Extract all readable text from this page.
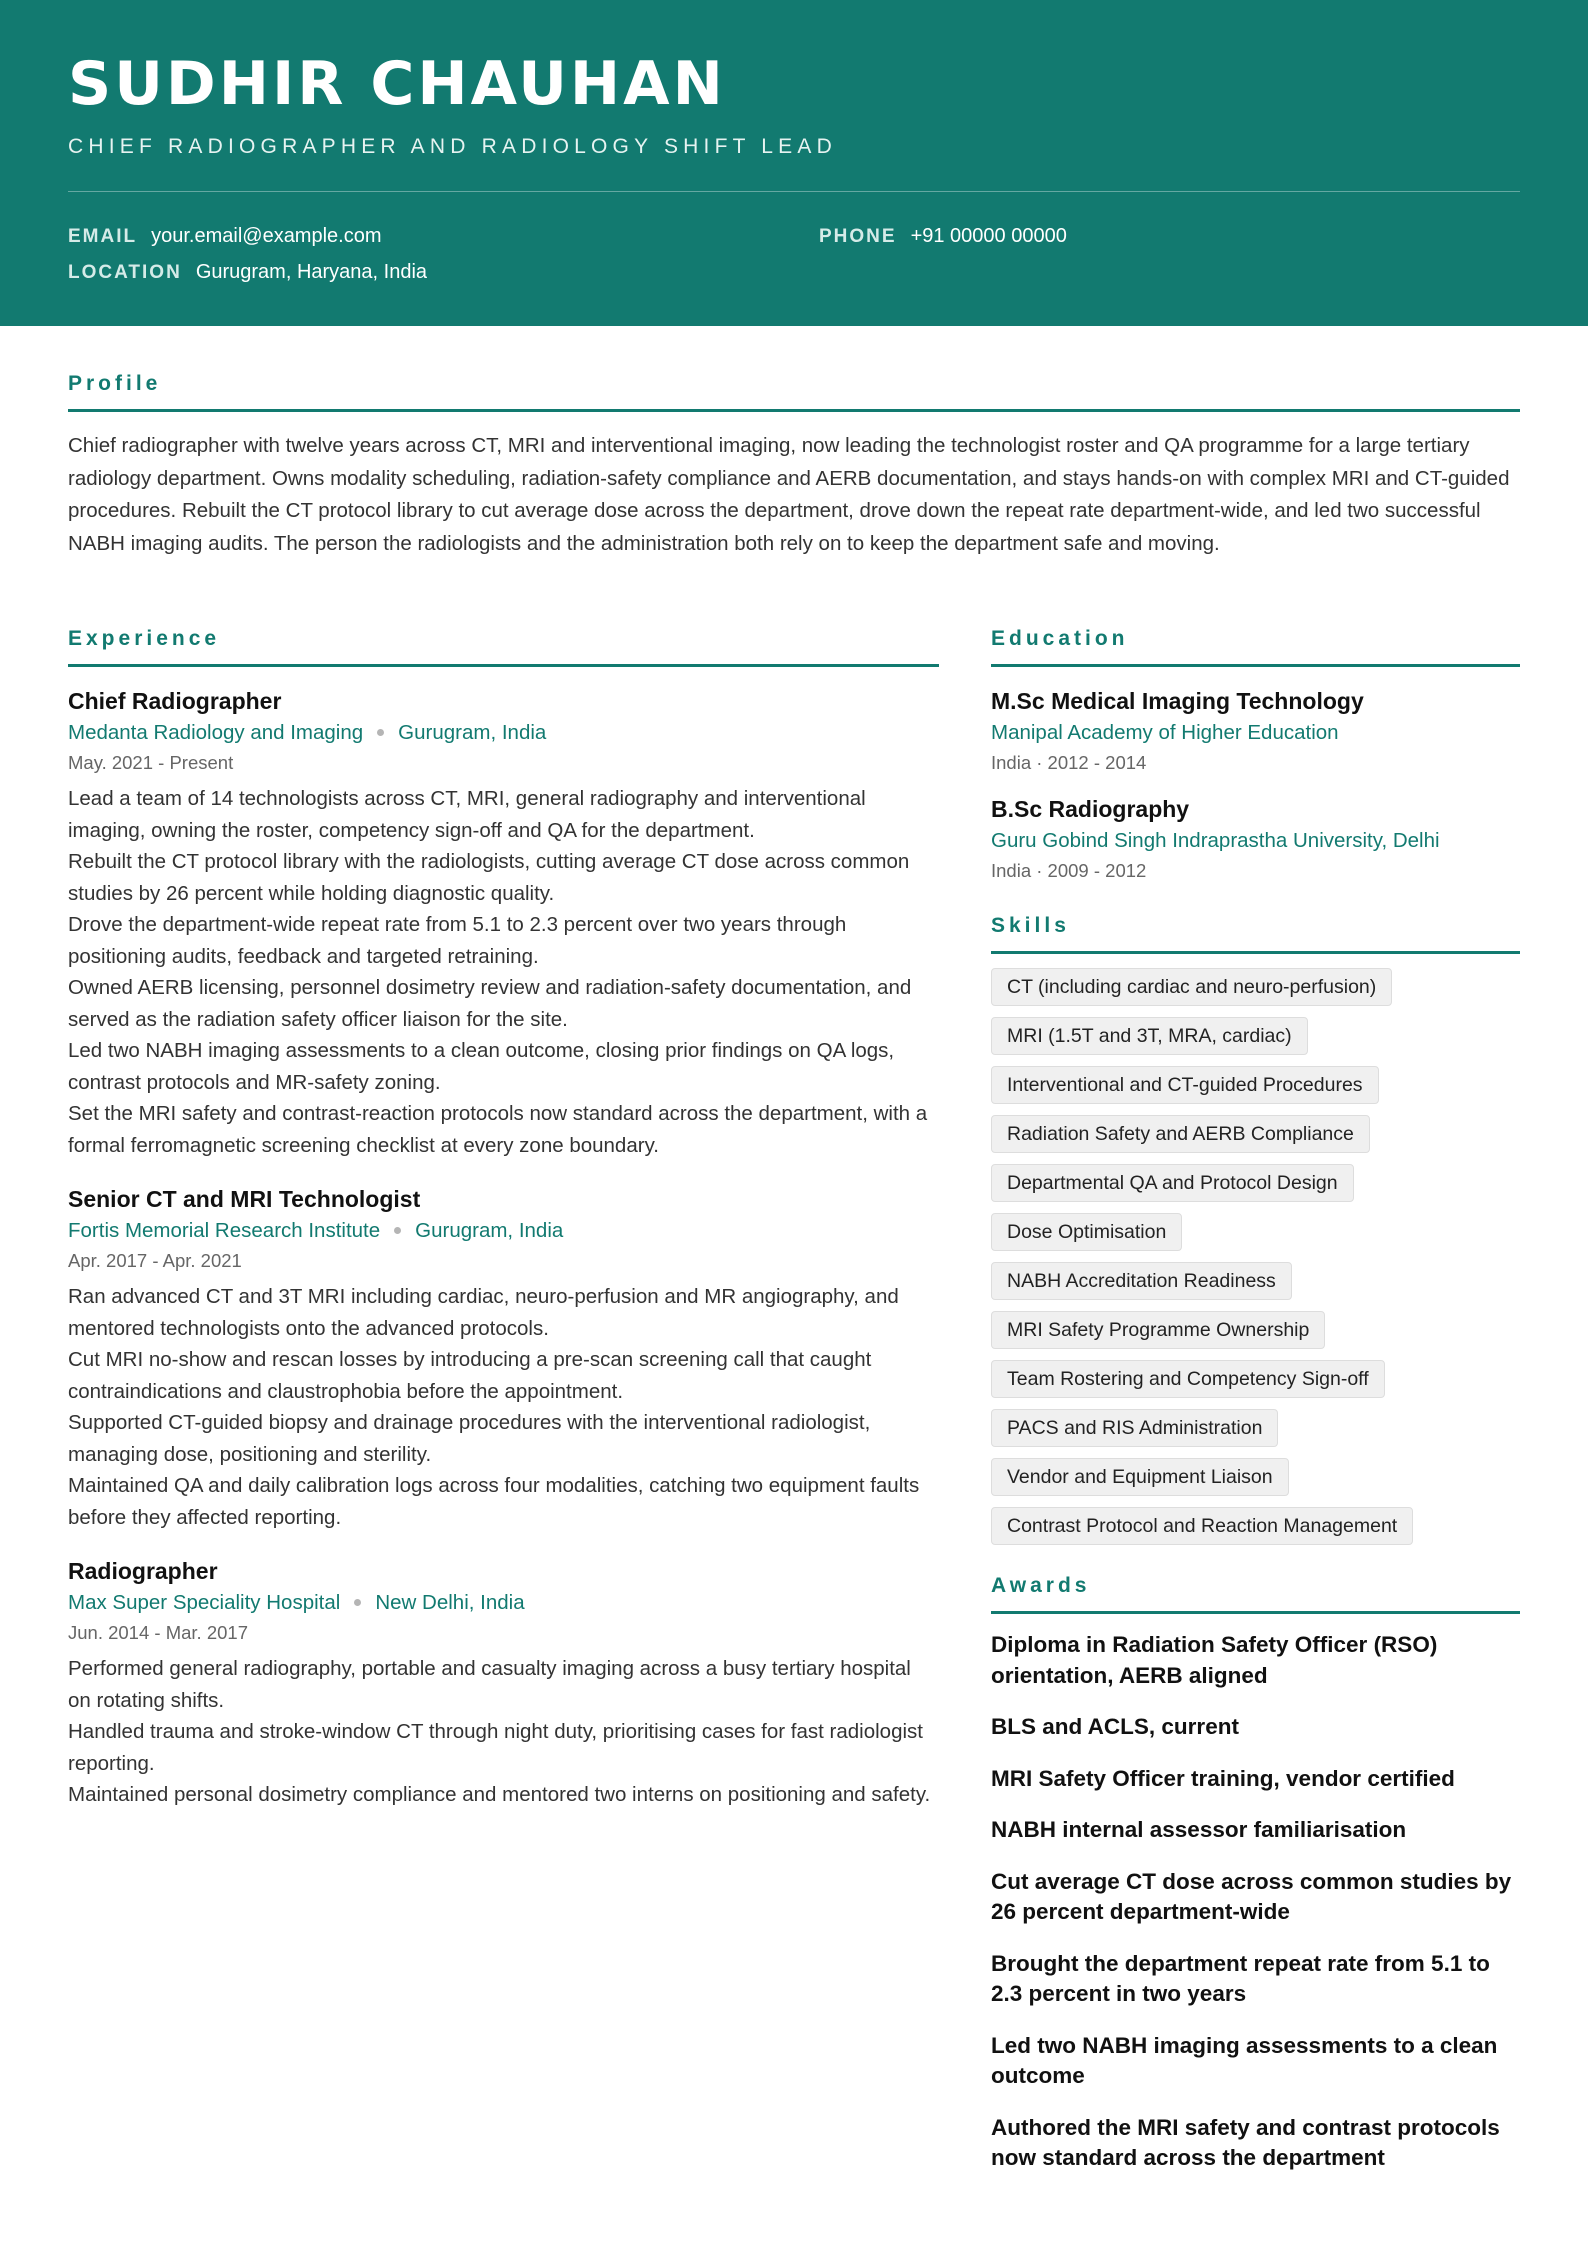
SUDHIR CHAUHAN
CHIEF RADIOGRAPHER AND RADIOLOGY SHIFT LEAD
EMAIL your.email@example.com	PHONE +91 00000 00000
LOCATION Gurugram, Haryana, India
Profile
Chief radiographer with twelve years across CT, MRI and interventional imaging, now leading the technologist roster and QA programme for a large tertiary radiology department. Owns modality scheduling, radiation-safety compliance and AERB documentation, and stays hands-on with complex MRI and CT-guided procedures. Rebuilt the CT protocol library to cut average dose across the department, drove down the repeat rate department-wide, and led two successful NABH imaging audits. The person the radiologists and the administration both rely on to keep the department safe and moving.
Experience
Chief Radiographer
Medanta Radiology and Imaging Gurugram, India
May. 2021 - Present
Lead a team of 14 technologists across CT, MRI, general radiography and interventional imaging, owning the roster, competency sign-off and QA for the department.
Rebuilt the CT protocol library with the radiologists, cutting average CT dose across common studies by 26 percent while holding diagnostic quality.
Drove the department-wide repeat rate from 5.1 to 2.3 percent over two years through positioning audits, feedback and targeted retraining.
Owned AERB licensing, personnel dosimetry review and radiation-safety documentation, and served as the radiation safety officer liaison for the site.
Led two NABH imaging assessments to a clean outcome, closing prior findings on QA logs, contrast protocols and MR-safety zoning.
Set the MRI safety and contrast-reaction protocols now standard across the department, with a formal ferromagnetic screening checklist at every zone boundary.
Senior CT and MRI Technologist
Fortis Memorial Research Institute Gurugram, India
Apr. 2017 - Apr. 2021
Ran advanced CT and 3T MRI including cardiac, neuro-perfusion and MR angiography, and mentored technologists onto the advanced protocols.
Cut MRI no-show and rescan losses by introducing a pre-scan screening call that caught contraindications and claustrophobia before the appointment.
Supported CT-guided biopsy and drainage procedures with the interventional radiologist, managing dose, positioning and sterility.
Maintained QA and daily calibration logs across four modalities, catching two equipment faults before they affected reporting.
Radiographer
Max Super Speciality Hospital New Delhi, India
Jun. 2014 - Mar. 2017
Performed general radiography, portable and casualty imaging across a busy tertiary hospital on rotating shifts.
Handled trauma and stroke-window CT through night duty, prioritising cases for fast radiologist reporting.
Maintained personal dosimetry compliance and mentored two interns on positioning and safety.
Education
M.Sc Medical Imaging Technology
Manipal Academy of Higher Education
India · 2012 - 2014
B.Sc Radiography
Guru Gobind Singh Indraprastha University, Delhi
India · 2009 - 2012
Skills
CT (including cardiac and neuro-perfusion)
MRI (1.5T and 3T, MRA, cardiac)
Interventional and CT-guided Procedures
Radiation Safety and AERB Compliance
Departmental QA and Protocol Design
Dose Optimisation
NABH Accreditation Readiness
MRI Safety Programme Ownership
Team Rostering and Competency Sign-off
PACS and RIS Administration
Vendor and Equipment Liaison
Contrast Protocol and Reaction Management
Awards
Diploma in Radiation Safety Officer (RSO) orientation, AERB aligned
BLS and ACLS, current
MRI Safety Officer training, vendor certified
NABH internal assessor familiarisation
Cut average CT dose across common studies by 26 percent department-wide
Brought the department repeat rate from 5.1 to 2.3 percent in two years
Led two NABH imaging assessments to a clean outcome
Authored the MRI safety and contrast protocols now standard across the department
